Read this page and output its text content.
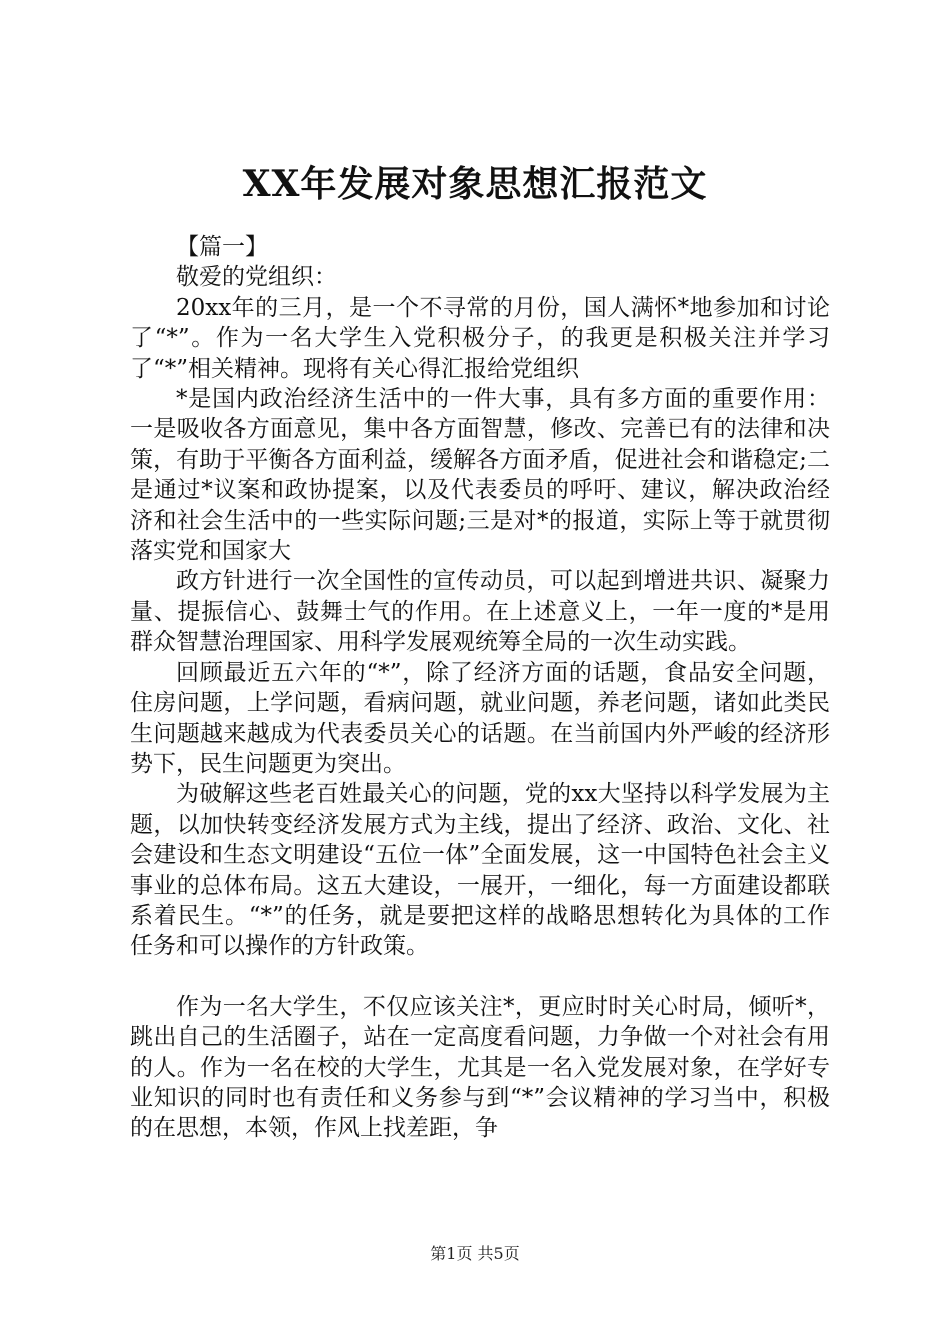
XX年发展对象思想汇报范文

【篇一】

敬爱的党组织：

20xx年的三月，是一个不寻常的月份，国人满怀*地参加和讨论了“*”。作为一名大学生入党积极分子，的我更是积极关注并学习了“*”相关精神。现将有关心得汇报给党组织

*是国内政治经济生活中的一件大事，具有多方面的重要作用：一是吸收各方面意见，集中各方面智慧，修改、完善已有的法律和决策，有助于平衡各方面利益，缓解各方面矛盾，促进社会和谐稳定;二是通过*议案和政协提案，以及代表委员的呼吁、建议，解决政治经济和社会生活中的一些实际问题;三是对*的报道，实际上等于就贯彻落实党和国家大

政方针进行一次全国性的宣传动员，可以起到增进共识、凝聚力量、提振信心、鼓舞士气的作用。在上述意义上，一年一度的*是用群众智慧治理国家、用科学发展观统筹全局的一次生动实践。

回顾最近五六年的“*”，除了经济方面的话题，食品安全问题，住房问题，上学问题，看病问题，就业问题，养老问题，诸如此类民生问题越来越成为代表委员关心的话题。在当前国内外严峻的经济形势下，民生问题更为突出。

为破解这些老百姓最关心的问题，党的xx大坚持以科学发展为主题，以加快转变经济发展方式为主线，提出了经济、政治、文化、社会建设和生态文明建设“五位一体”全面发展，这一中国特色社会主义事业的总体布局。这五大建设，一展开，一细化，每一方面建设都联系着民生。“*”的任务，就是要把这样的战略思想转化为具体的工作任务和可以操作的方针政策。

作为一名大学生，不仅应该关注*，更应时时关心时局，倾听*，跳出自己的生活圈子，站在一定高度看问题，力争做一个对社会有用的人。作为一名在校的大学生，尤其是一名入党发展对象，在学好专业知识的同时也有责任和义务参与到“*”会议精神的学习当中，积极的在思想，本领，作风上找差距，争

第1页 共5页
